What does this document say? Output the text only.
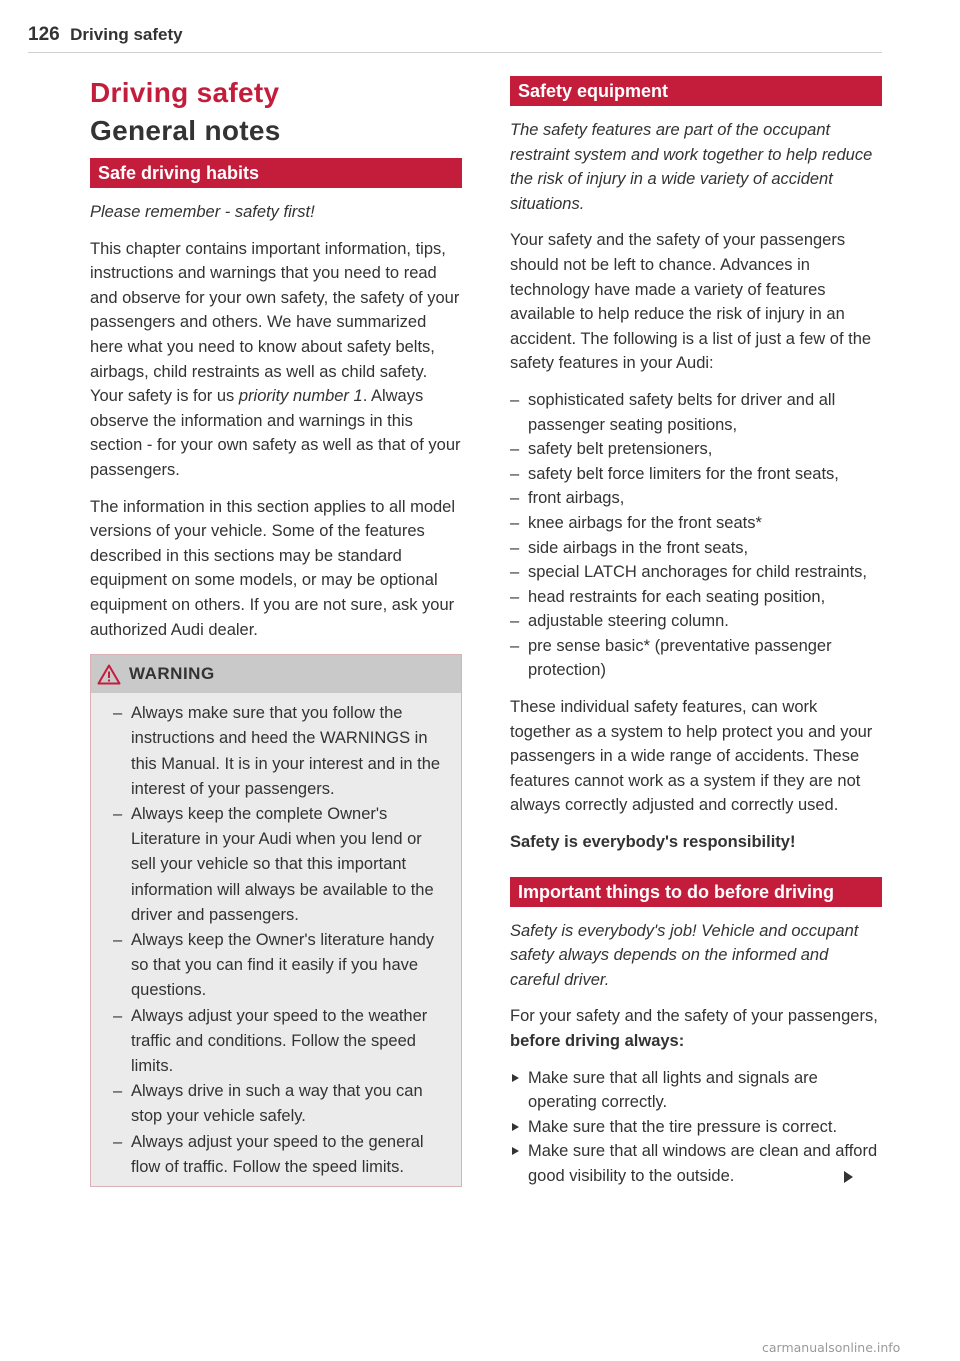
126 Driving safety
Driving safety
General notes
Safe driving habits

Please remember - safety first!

This chapter contains important information, tips, instructions and warnings that you need to read and observe for your own safety, the safety of your passengers and others. We have summarized here what you need to know about safety belts, airbags, child restraints as well as child safety. Your safety is for us priority number 1. Always observe the information and warnings in this section - for your own safety as well as that of your passengers.

The information in this section applies to all model versions of your vehicle. Some of the features described in this sections may be standard equipment on some models, or may be optional equipment on others. If you are not sure, ask your authorized Audi dealer.

WARNING
– Always make sure that you follow the instructions and heed the WARNINGS in this Manual. It is in your interest and in the interest of your passengers.
– Always keep the complete Owner's Literature in your Audi when you lend or sell your vehicle so that this important information will always be available to the driver and passengers.
– Always keep the Owner's literature handy so that you can find it easily if you have questions.
– Always adjust your speed to the weather traffic and conditions. Follow the speed limits.
– Always drive in such a way that you can stop your vehicle safely.
– Always adjust your speed to the general flow of traffic. Follow the speed limits.
Safety equipment

The safety features are part of the occupant restraint system and work together to help reduce the risk of injury in a wide variety of accident situations.

Your safety and the safety of your passengers should not be left to chance. Advances in technology have made a variety of features available to help reduce the risk of injury in an accident. The following is a list of just a few of the safety features in your Audi:

– sophisticated safety belts for driver and all passenger seating positions,
– safety belt pretensioners,
– safety belt force limiters for the front seats,
– front airbags,
– knee airbags for the front seats*
– side airbags in the front seats,
– special LATCH anchorages for child restraints,
– head restraints for each seating position,
– adjustable steering column.
– pre sense basic* (preventative passenger protection)

These individual safety features, can work together as a system to help protect you and your passengers in a wide range of accidents. These features cannot work as a system if they are not always correctly adjusted and correctly used.

Safety is everybody's responsibility!

Important things to do before driving

Safety is everybody's job! Vehicle and occupant safety always depends on the informed and careful driver.

For your safety and the safety of your passengers, before driving always:

Make sure that all lights and signals are operating correctly.
Make sure that the tire pressure is correct.
Make sure that all windows are clean and afford good visibility to the outside.
carmanualsonline.info
